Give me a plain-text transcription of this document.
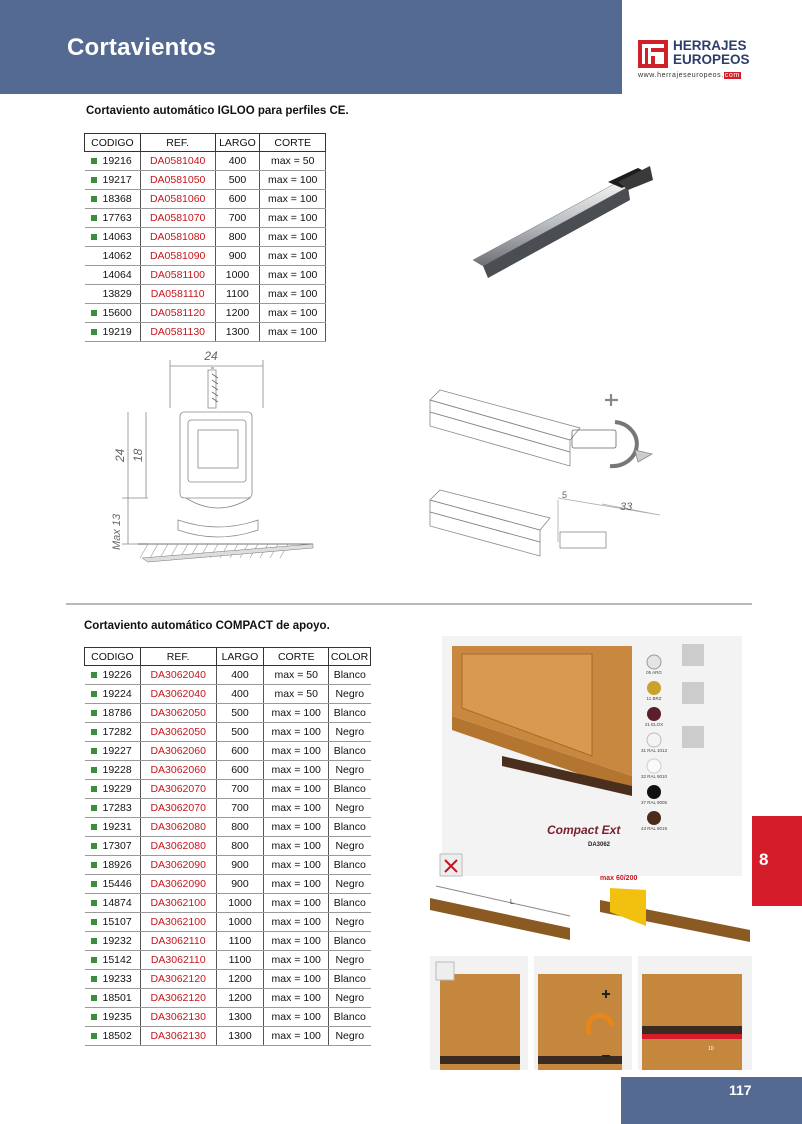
Cortavientos	HERRAJES
EUROPEOS
www.herrajeseuropeos.com
Cortaviento automático IGLOO para perfiles CE.
CODIGO	REF.	LARGO	CORTE
19216	DA0581040	400	max = 50
19217	DA0581050	500	max = 100
18368	DA0581060	600	max = 100
17763	DA0581070	700	max = 100
14063	DA0581080	800	max = 100
14062	DA0581090	900	max = 100
14064	DA0581100	1000	max = 100
13829	DA0581110	1100	max = 100
15600	DA0581120	1200	max = 100
19219	DA0581130	1300	max = 100
24
24 18
Max 13
33
5
Cortaviento automático COMPACT de apoyo.
CODIGO	REF.	LARGO	CORTE	COLOR
19226	DA3062040	400	max = 50	Blanco
19224	DA3062040	400	max = 50	Negro
18786	DA3062050	500	max = 100	Blanco
17282	DA3062050	500	max = 100	Negro
19227	DA3062060	600	max = 100	Blanco
19228	DA3062060	600	max = 100	Negro
19229	DA3062070	700	max = 100	Blanco
17283	DA3062070	700	max = 100	Negro
19231	DA3062080	800	max = 100	Blanco
17307	DA3062080	800	max = 100	Negro
18926	DA3062090	900	max = 100	Blanco
15446	DA3062090	900	max = 100	Negro
14874	DA3062100	1000	max = 100	Blanco
15107	DA3062100	1000	max = 100	Negro
19232	DA3062110	1100	max = 100	Blanco
15142	DA3062110	1100	max = 100	Negro
19233	DA3062120	1200	max = 100	Blanco
18501	DA3062120	1200	max = 100	Negro
19235	DA3062130	1300	max = 100	Blanco
18502	DA3062130	1300	max = 100	Negro
05 ARG
11 BRZ
21 ELOX
31 RAL 1013
32 RAL 9010
37 RAL 9005
43 RAL 8019
Compact Ext
DA3062
L
max 60/200
10
8
117
